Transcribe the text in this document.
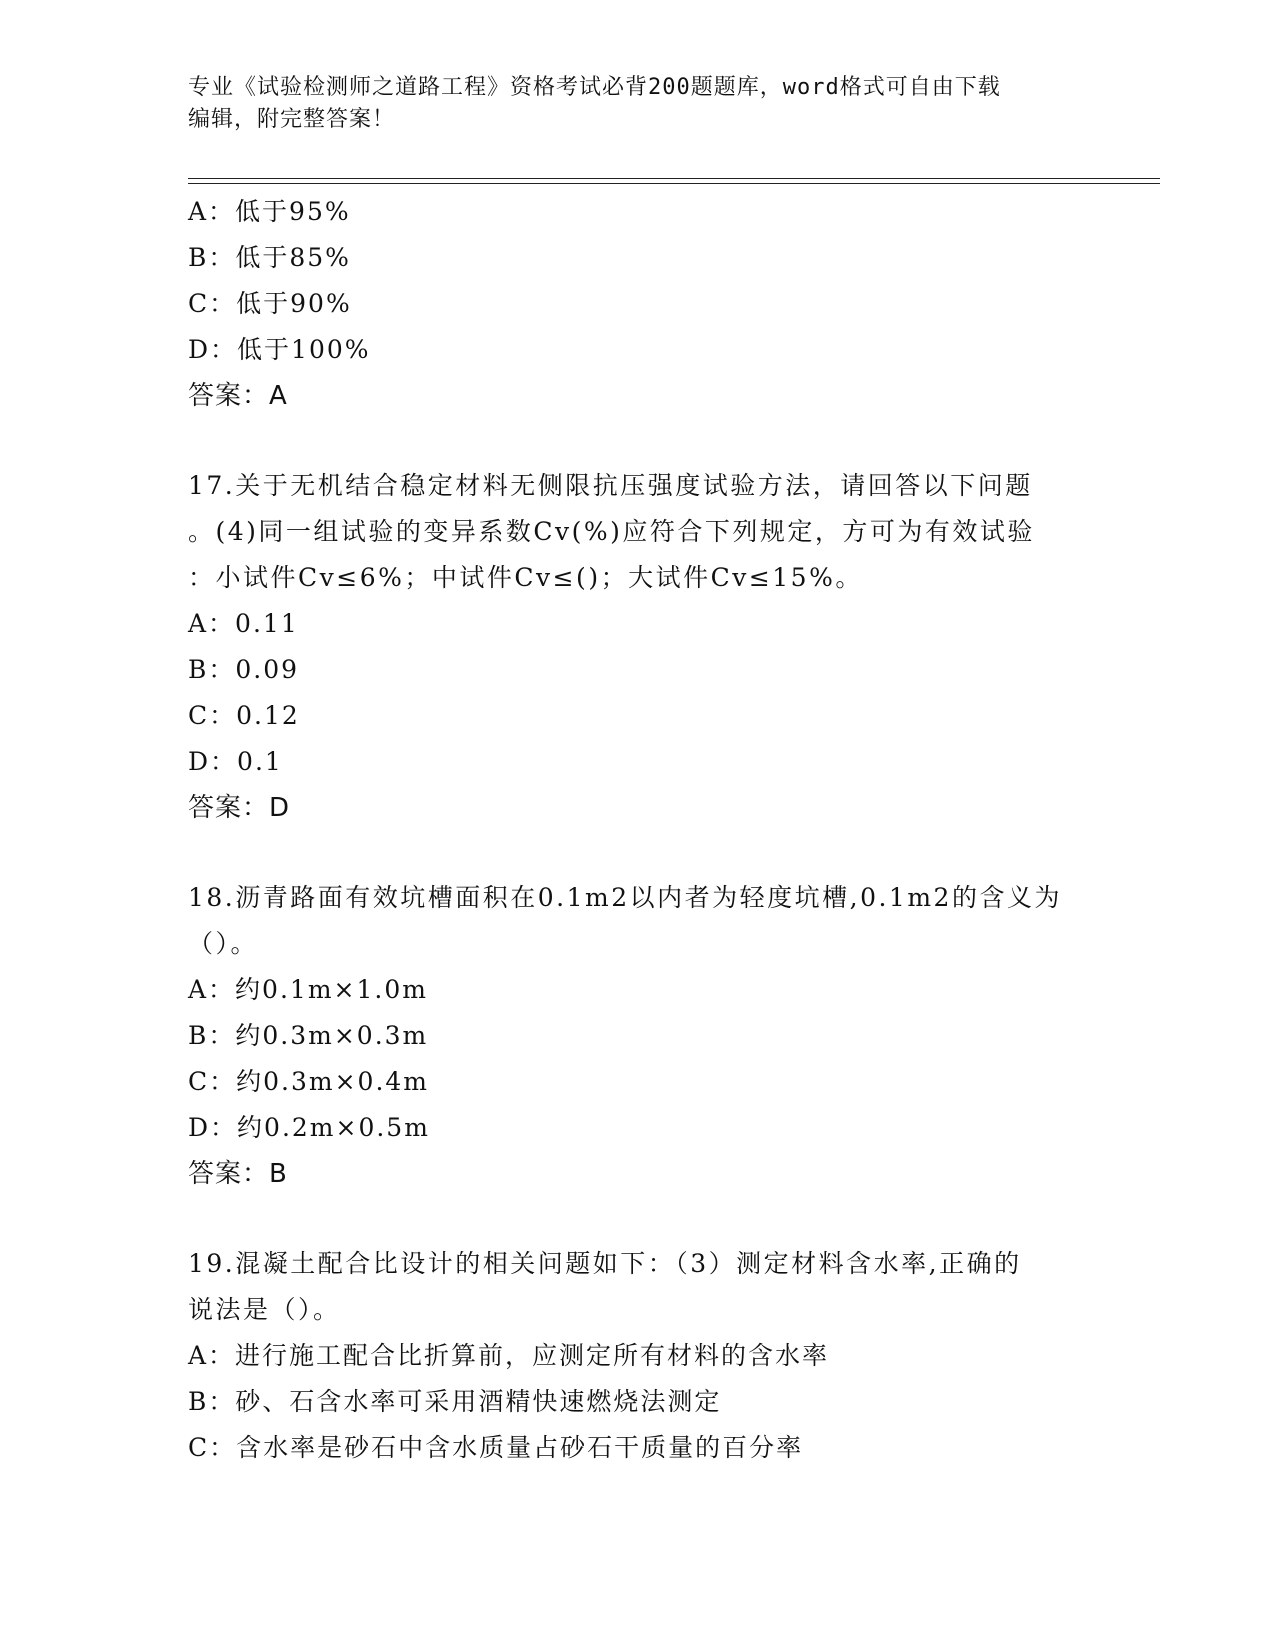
专业《试验检测师之道路工程》资格考试必背200题题库，word格式可自由下载
编辑，附完整答案！
A：低于95%
B：低于85%
C：低于90%
D：低于100%
答案：A
17.关于无机结合稳定材料无侧限抗压强度试验方法，请回答以下问题
。(4)同一组试验的变异系数Cv(%)应符合下列规定，方可为有效试验
：小试件Cv≤6%；中试件Cv≤()；大试件Cv≤15%。
A：0.11
B：0.09
C：0.12
D：0.1
答案：D
18.沥青路面有效坑槽面积在0.1m2以内者为轻度坑槽,0.1m2的含义为
（）。
A：约0.1m×1.0m
B：约0.3m×0.3m
C：约0.3m×0.4m
D：约0.2m×0.5m
答案：B
19.混凝土配合比设计的相关问题如下：（3）测定材料含水率,正确的
说法是（）。
A：进行施工配合比折算前，应测定所有材料的含水率
B：砂、石含水率可采用酒精快速燃烧法测定
C：含水率是砂石中含水质量占砂石干质量的百分率
